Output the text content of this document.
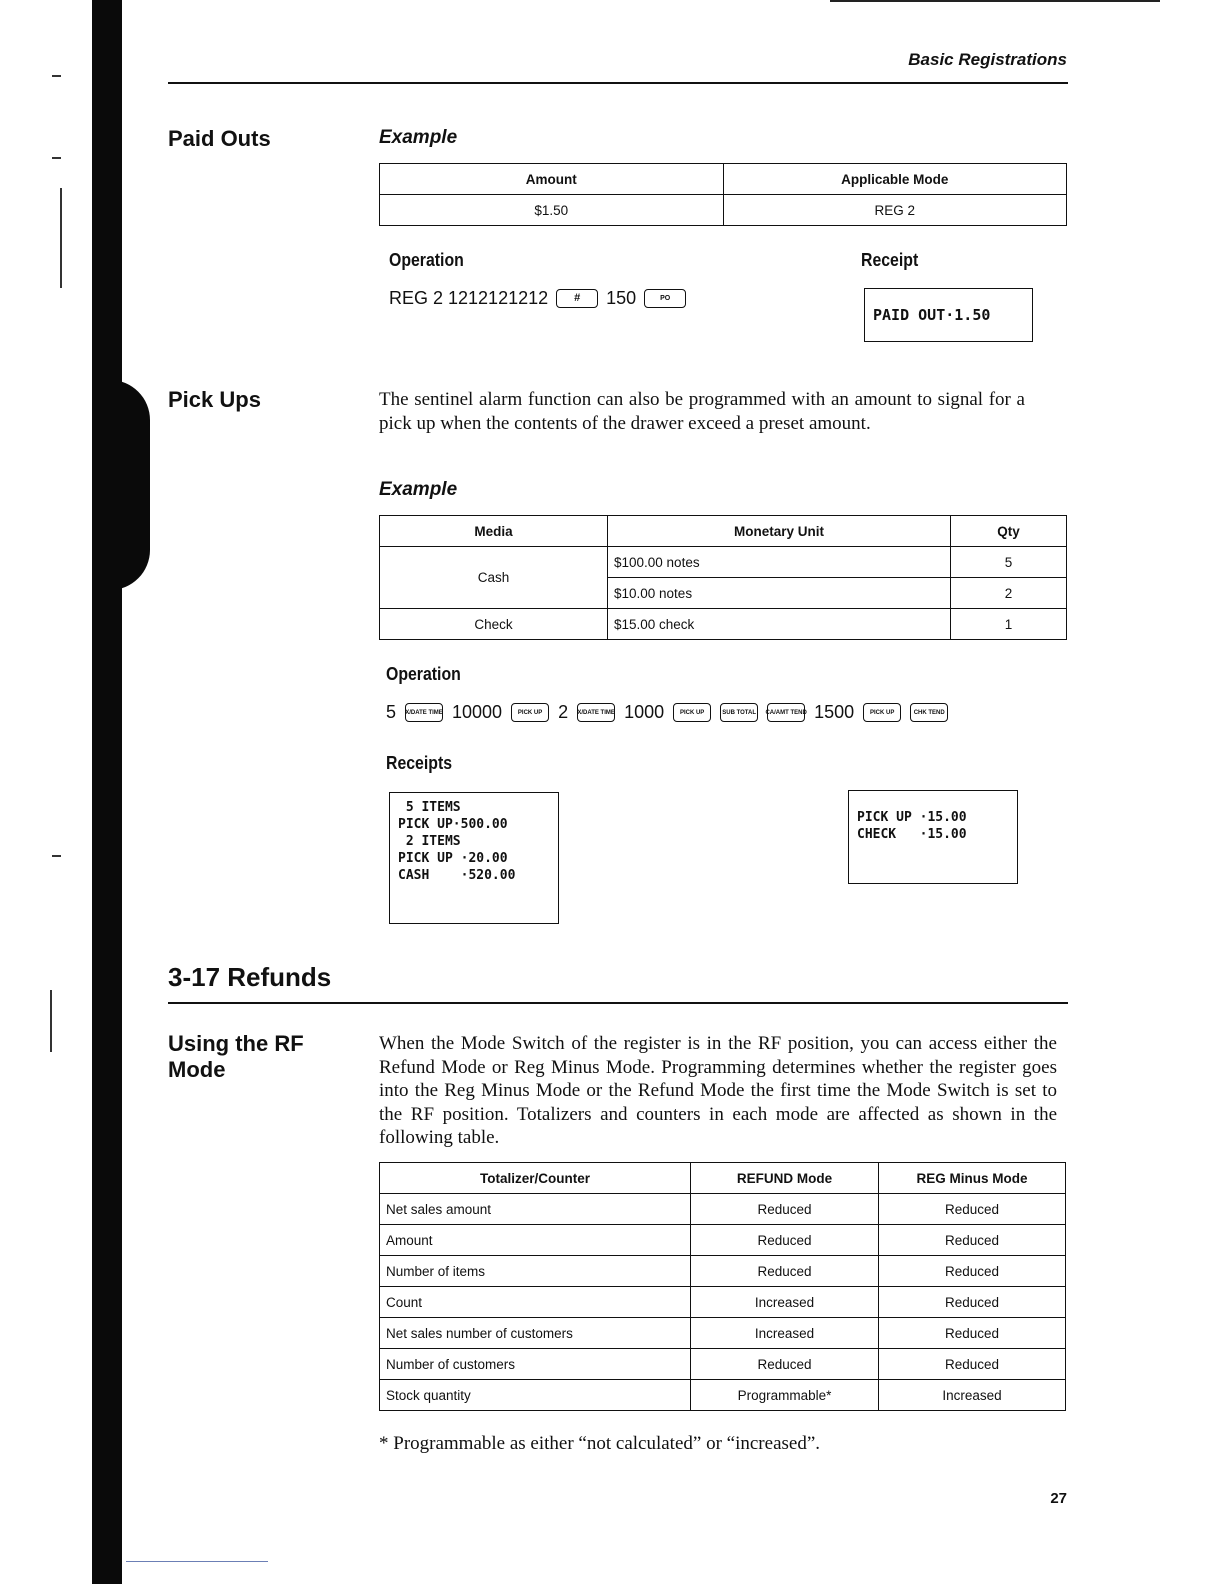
Basic Registrations
Paid Outs	Example
Amount	Applicable Mode
$1.50	REG 2
Operation	Receipt
REG 2 1212121212	#	150	PO
PAID OUT·1.50
Pick Ups	The sentinel alarm function can also be programmed with an amount to signal for a pick up when the contents of the drawer exceed a preset amount.
Example
Media	Monetary Unit	Qty
Cash	$100.00 notes	5
	$10.00 notes	2
Check	$15.00 check	1
Operation
5 X/DATE TIME 10000	PICK UP 2 X/DATE TIME 1000	PICK UP	SUB TOTAL	CA/AMT TEND 1500	PICK UP	CHK TEND
Receipts
5 ITEMS
PICK UP·500.00
2 ITEMS
PICK UP ·20.00
CASH    ·520.00
PICK UP ·15.00
CHECK   ·15.00
3-17 Refunds
Using the RF Mode
When the Mode Switch of the register is in the RF position, you can access either the Refund Mode or Reg Minus Mode. Programming determines whether the register goes into the Reg Minus Mode or the Refund Mode the first time the Mode Switch is set to the RF position. Totalizers and counters in each mode are affected as shown in the following table.
Totalizer/Counter	REFUND Mode	REG Minus Mode
Net sales amount	Reduced	Reduced
Amount	Reduced	Reduced
Number of items	Reduced	Reduced
Count	Increased	Reduced
Net sales number of customers	Increased	Reduced
Number of customers	Reduced	Reduced
Stock quantity	Programmable*	Increased
* Programmable as either “not calculated” or “increased”.
27
